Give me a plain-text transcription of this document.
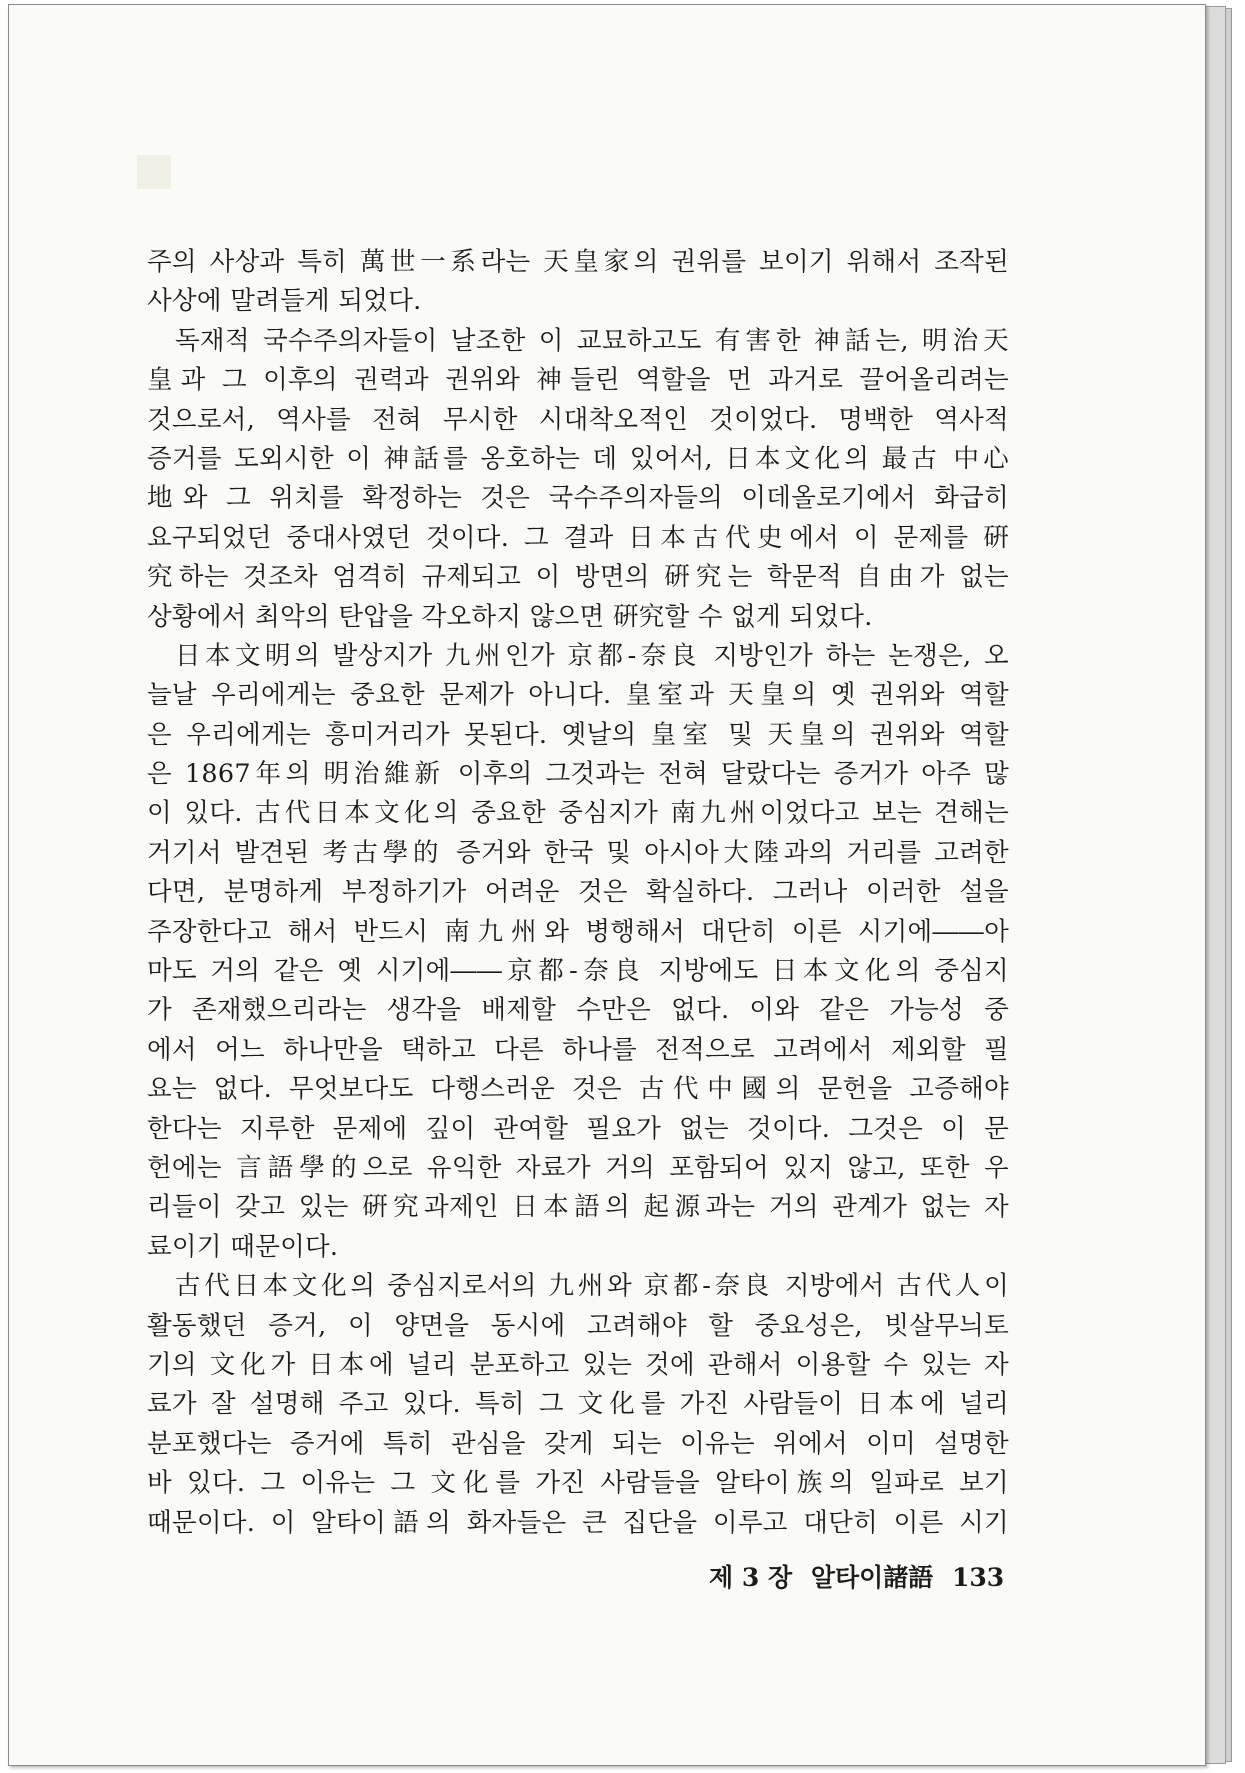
주의 사상과 특히 萬世一系라는 天皇家의 권위를 보이기 위해서 조작된
사상에 말려들게 되었다.
독재적 국수주의자들이 날조한 이 교묘하고도 有害한 神話는, 明治天
皇과 그 이후의 권력과 권위와 神들린 역할을 먼 과거로 끌어올리려는
것으로서, 역사를 전혀 무시한 시대착오적인 것이었다. 명백한 역사적
증거를 도외시한 이 神話를 옹호하는 데 있어서, 日本文化의 最古 中心
地와 그 위치를 확정하는 것은 국수주의자들의 이데올로기에서 화급히
요구되었던 중대사였던 것이다. 그 결과 日本古代史에서 이 문제를 硏
究하는 것조차 엄격히 규제되고 이 방면의 硏究는 학문적 自由가 없는
상황에서 최악의 탄압을 각오하지 않으면 硏究할 수 없게 되었다.
日本文明의 발상지가 九州인가 京都-奈良 지방인가 하는 논쟁은, 오
늘날 우리에게는 중요한 문제가 아니다. 皇室과 天皇의 옛 권위와 역할
은 우리에게는 흥미거리가 못된다. 옛날의 皇室 및 天皇의 권위와 역할
은 1867年의 明治維新 이후의 그것과는 전혀 달랐다는 증거가 아주 많
이 있다. 古代日本文化의 중요한 중심지가 南九州이었다고 보는 견해는
거기서 발견된 考古學的 증거와 한국 및 아시아大陸과의 거리를 고려한
다면, 분명하게 부정하기가 어려운 것은 확실하다. 그러나 이러한 설을
주장한다고 해서 반드시 南九州와 병행해서 대단히 이른 시기에――아
마도 거의 같은 옛 시기에――京都-奈良 지방에도 日本文化의 중심지
가 존재했으리라는 생각을 배제할 수만은 없다. 이와 같은 가능성 중
에서 어느 하나만을 택하고 다른 하나를 전적으로 고려에서 제외할 필
요는 없다. 무엇보다도 다행스러운 것은 古代中國의 문헌을 고증해야
한다는 지루한 문제에 깊이 관여할 필요가 없는 것이다. 그것은 이 문
헌에는 言語學的으로 유익한 자료가 거의 포함되어 있지 않고, 또한 우
리들이 갖고 있는 硏究과제인 日本語의 起源과는 거의 관계가 없는 자
료이기 때문이다.
古代日本文化의 중심지로서의 九州와 京都-奈良 지방에서 古代人이
활동했던 증거, 이 양면을 동시에 고려해야 할 중요성은, 빗살무늬토
기의 文化가 日本에 널리 분포하고 있는 것에 관해서 이용할 수 있는 자
료가 잘 설명해 주고 있다. 특히 그 文化를 가진 사람들이 日本에 널리
분포했다는 증거에 특히 관심을 갖게 되는 이유는 위에서 이미 설명한
바 있다. 그 이유는 그 文化를 가진 사람들을 알타이族의 일파로 보기
때문이다. 이 알타이語의 화자들은 큰 집단을 이루고 대단히 이른 시기
제 3 장 알타이諸語 133
